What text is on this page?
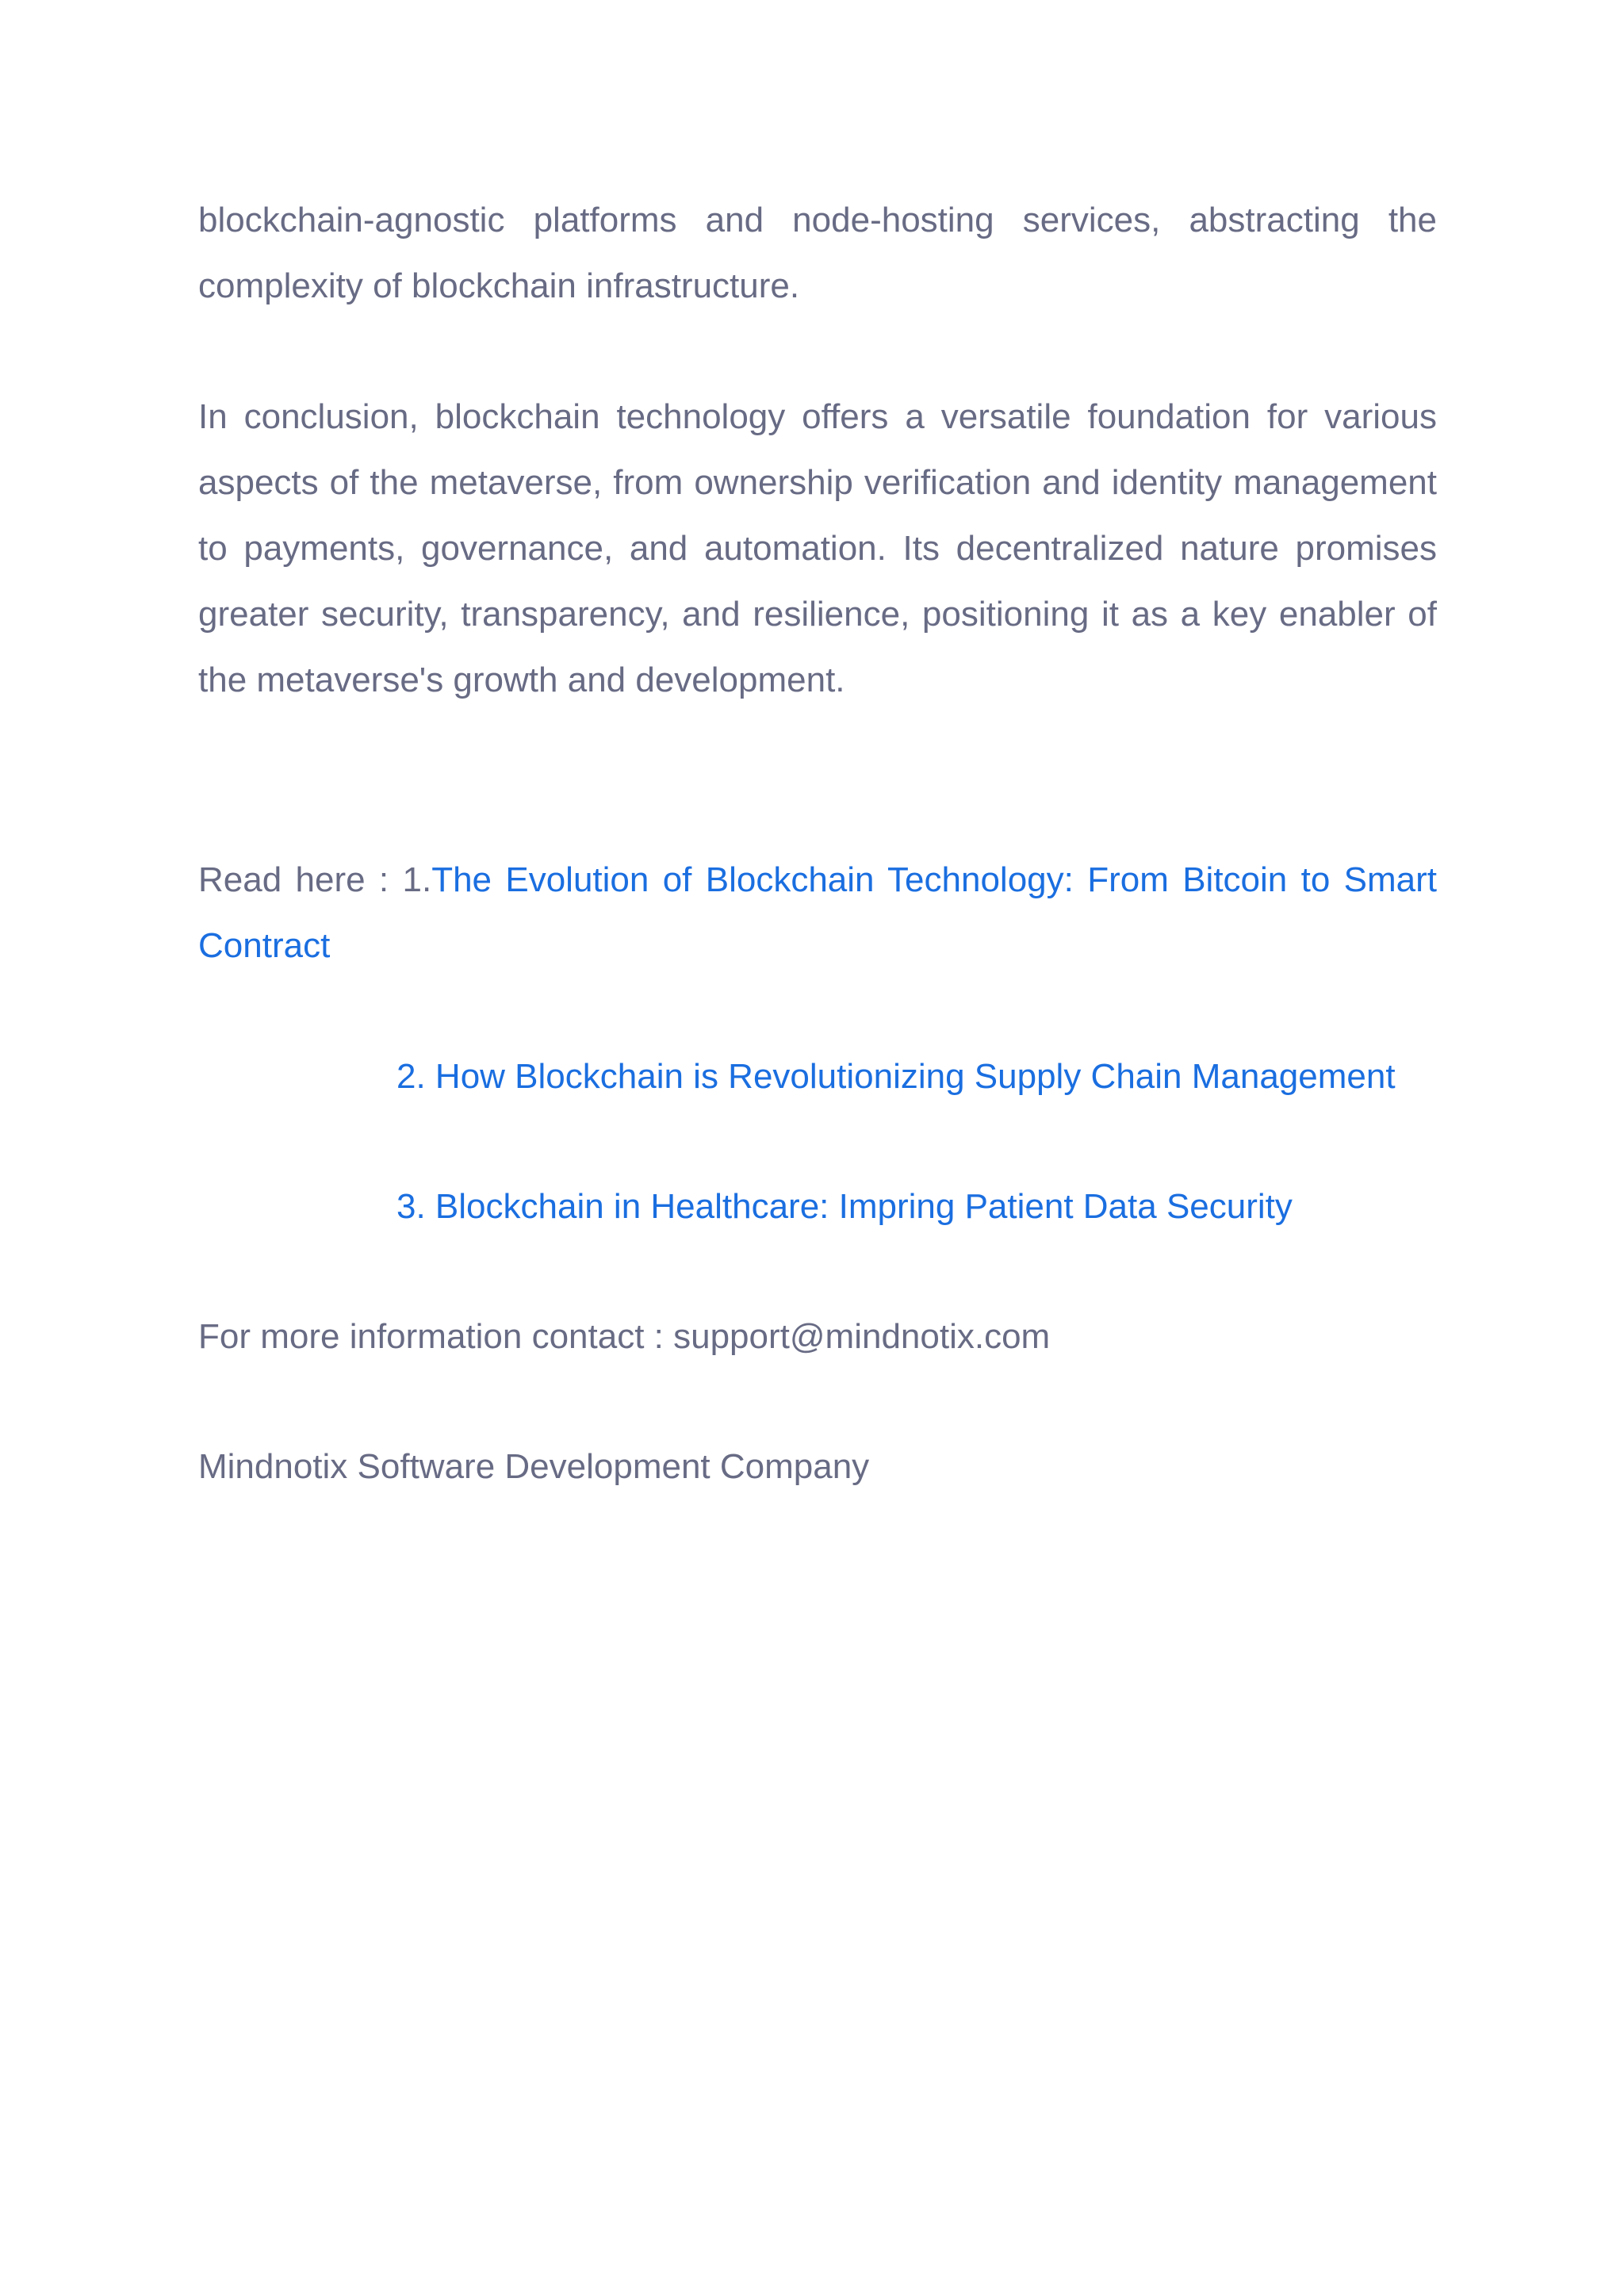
blockchain-agnostic platforms and node-hosting services, abstracting the complexity of blockchain infrastructure.

In conclusion, blockchain technology offers a versatile foundation for various aspects of the metaverse, from ownership verification and identity management to payments, governance, and automation. Its decentralized nature promises greater security, transparency, and resilience, positioning it as a key enabler of the metaverse's growth and development.

Read here : 1.The Evolution of Blockchain Technology: From Bitcoin to Smart Contract

2. How Blockchain is Revolutionizing Supply Chain Management

3. Blockchain in Healthcare: Impring Patient Data Security

For more information contact : support@mindnotix.com

Mindnotix Software Development Company
